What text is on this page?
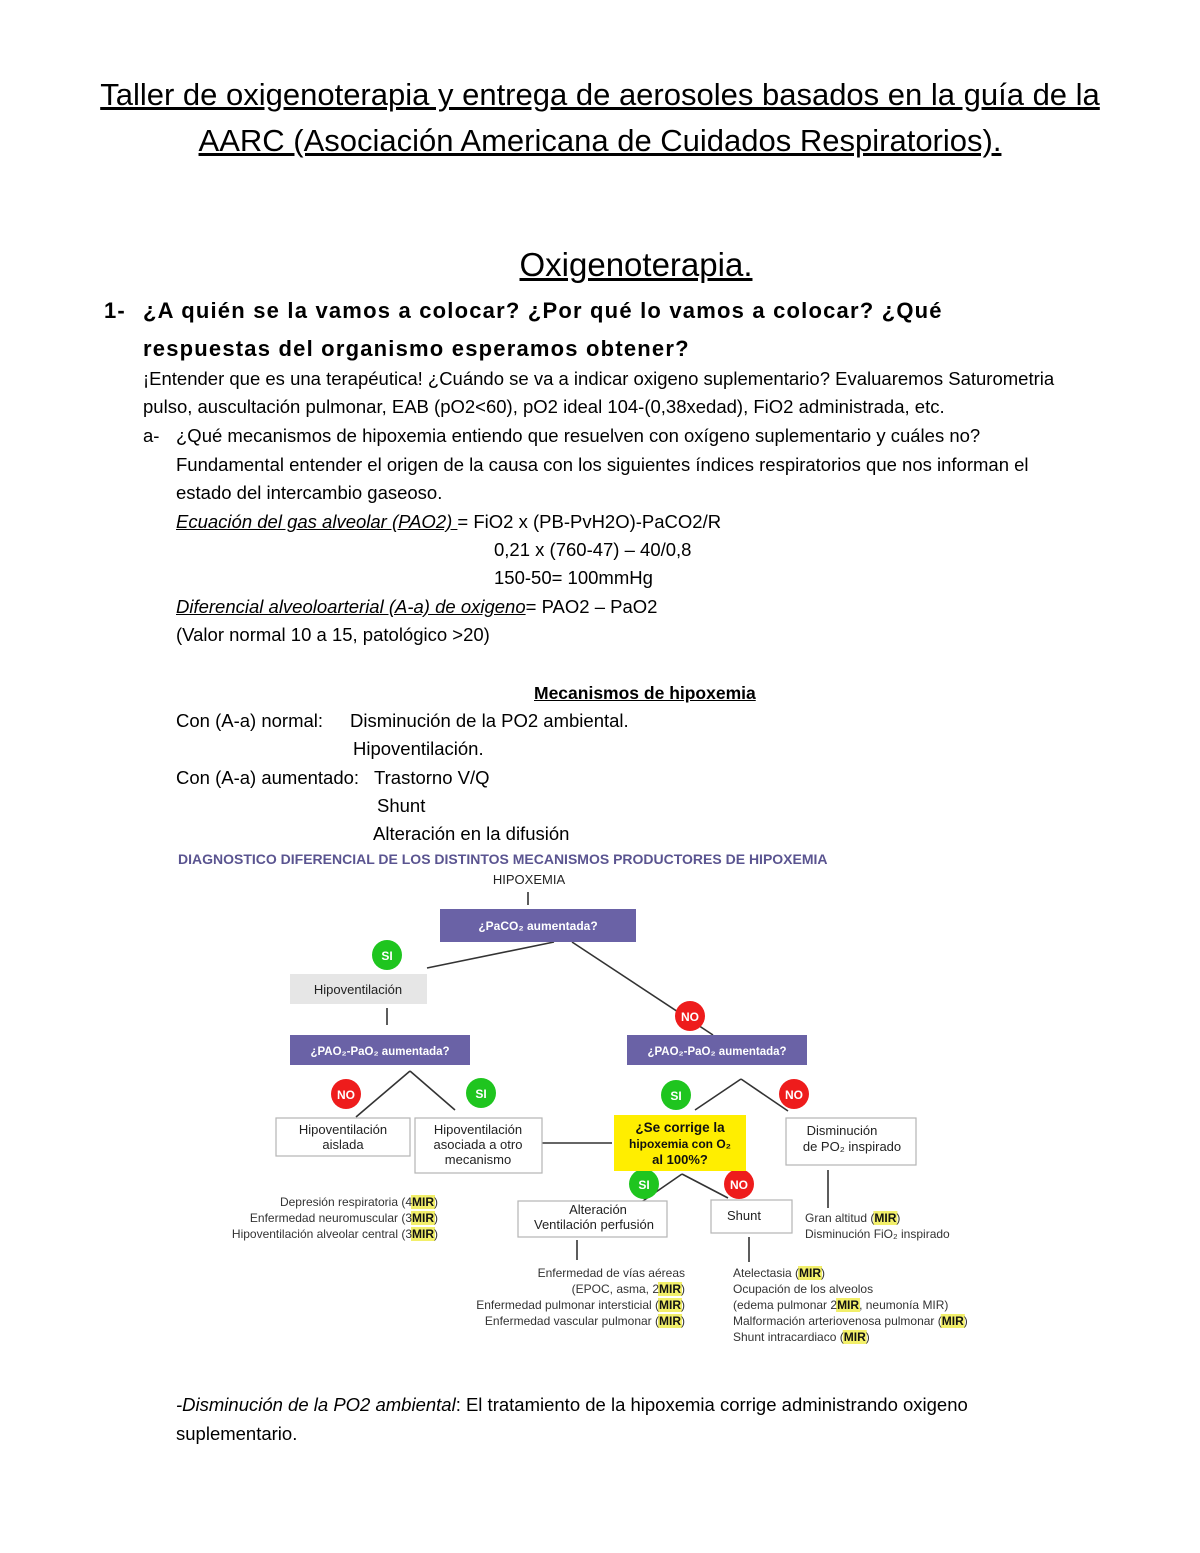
Taller de oxigenoterapia y entrega de aerosoles basados en la guía de la
AARC (Asociación Americana de Cuidados Respiratorios).
Oxigenoterapia.
1- ¿A quién se la vamos a colocar? ¿Por qué lo vamos a colocar? ¿Qué
respuestas del organismo esperamos obtener?
¡Entender que es una terapéutica! ¿Cuándo se va a indicar oxigeno suplementario? Evaluaremos Saturometria
pulso, auscultación pulmonar, EAB (pO2<60), pO2 ideal 104-(0,38xedad), FiO2 administrada, etc.
a- ¿Qué mecanismos de hipoxemia entiendo que resuelven con oxígeno suplementario y cuáles no?
Fundamental entender el origen de la causa con los siguientes índices respiratorios que nos informan el
estado del intercambio gaseoso.
Ecuación del gas alveolar (PAO2) = FiO2 x (PB-PvH2O)-PaCO2/R
0,21 x (760-47) – 40/0,8
150-50= 100mmHg
Diferencial alveoloarterial (A-a) de oxigeno= PAO2 – PaO2
(Valor normal 10 a 15, patológico >20)
Mecanismos de hipoxemia
Con (A-a) normal: Disminución de la PO2 ambiental.
Hipoventilación.
Con (A-a) aumentado: Trastorno V/Q
Shunt
Alteración en la difusión
DIAGNOSTICO DIFERENCIAL DE LOS DISTINTOS MECANISMOS PRODUCTORES DE HIPOXEMIA
HIPOXEMIA
¿PaCO₂ aumentada?
Hipoventilación
¿PAO₂-PaO₂ aumentada?	¿PAO₂-PaO₂ aumentada?
SI
NO
NO	SI	SI	NO
SI	NO
Hipoventilación
aislada
Hipoventilación
asociada a otro
mecanismo
¿Se corrige la
hipoxemia con O₂
al 100%?
Disminución
de PO₂ inspirado
Alteración
Ventilación perfusión
Shunt
Depresión respiratoria (4MIR)
Enfermedad neuromuscular (3MIR)
Hipoventilación alveolar central (3MIR)
Gran altitud (MIR)
Disminución FiO₂ inspirado
Enfermedad de vías aéreas
(EPOC, asma, 2MIR)
Enfermedad pulmonar intersticial (MIR)
Enfermedad vascular pulmonar (MIR)
Atelectasia (MIR)
Ocupación de los alveolos
(edema pulmonar 2MIR, neumonía MIR)
Malformación arteriovenosa pulmonar (MIR)
Shunt intracardiaco (MIR)
-Disminución de la PO2 ambiental: El tratamiento de la hipoxemia corrige administrando oxigeno
suplementario.
